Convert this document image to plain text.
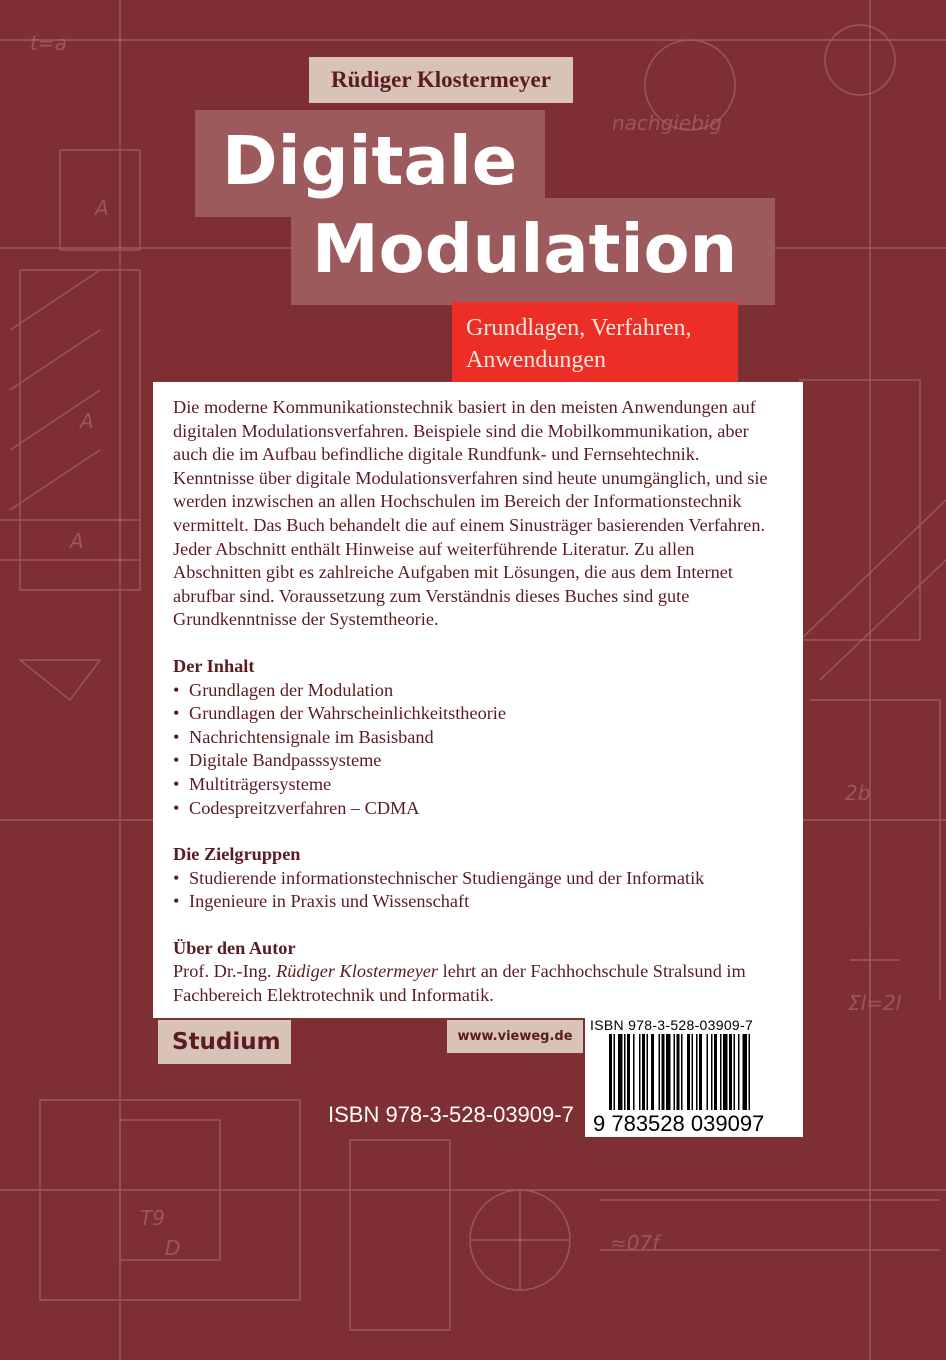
t=a
nachgiebig
A
A
A
2b
Σl=2l
≈07f
T9
D
Rüdiger Klostermeyer
Digitale
Modulation
Grundlagen, Verfahren,
Anwendungen

Die moderne Kommunikationstechnik basiert in den meisten Anwendungen auf digitalen Modulationsverfahren. Beispiele sind die Mobilkommunikation, aber auch die im Aufbau befindliche digitale Rundfunk- und Fernsehtechnik. Kenntnisse über digitale Modulationsverfahren sind heute unumgänglich, und sie werden inzwischen an allen Hochschulen im Bereich der Informationstechnik vermittelt. Das Buch behandelt die auf einem Sinusträger basierenden Verfahren. Jeder Abschnitt enthält Hinweise auf weiterführende Literatur. Zu allen Abschnitten gibt es zahlreiche Aufgaben mit Lösungen, die aus dem Internet abrufbar sind. Voraussetzung zum Verständnis dieses Buches sind gute Grundkenntnisse der Systemtheorie.

Der Inhalt
• Grundlagen der Modulation
• Grundlagen der Wahrscheinlichkeitstheorie
• Nachrichtensignale im Basisband
• Digitale Bandpasssysteme
• Multiträgersysteme
• Codespreitzverfahren – CDMA
Die Zielgruppen
• Studierende informationstechnischer Studiengänge und der Informatik
• Ingenieure in Praxis und Wissenschaft
Über den Autor

Prof. Dr.-Ing. Rüdiger Klostermeyer lehrt an der Fachhochschule Stralsund im Fachbereich Elektrotechnik und Informatik.

Studium	www.vieweg.de
ISBN 978-3-528-03909-7
ISBN 978-3-528-03909-7
9 783528 039097
